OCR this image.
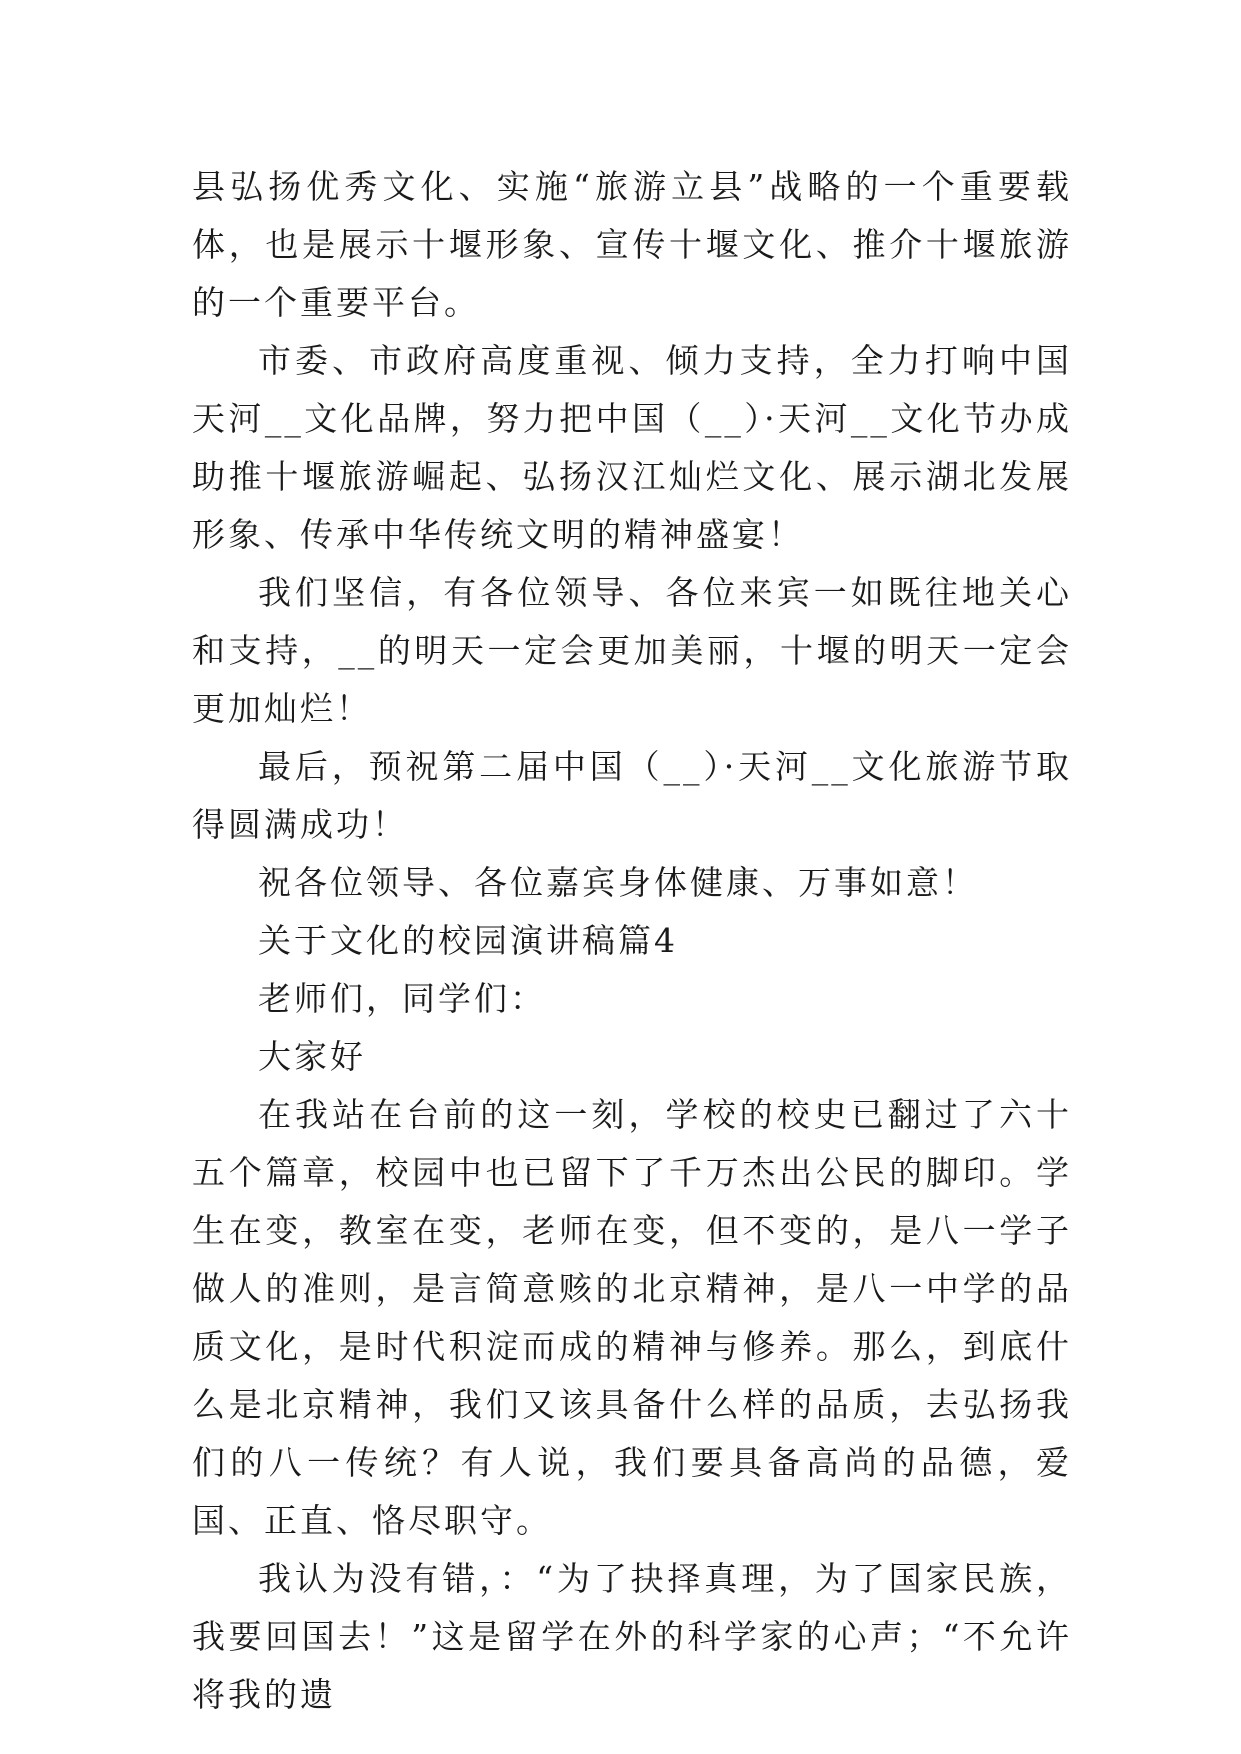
县弘扬优秀文化、实施“旅游立县”战略的一个重要载体，也是展示十堰形象、宣传十堰文化、推介十堰旅游的一个重要平台。

市委、市政府高度重视、倾力支持，全力打响中国天河__文化品牌，努力把中国（__）·天河__文化节办成助推十堰旅游崛起、弘扬汉江灿烂文化、展示湖北发展形象、传承中华传统文明的精神盛宴！

我们坚信，有各位领导、各位来宾一如既往地关心和支持，__的明天一定会更加美丽，十堰的明天一定会更加灿烂！

最后，预祝第二届中国（__）·天河__文化旅游节取得圆满成功！

祝各位领导、各位嘉宾身体健康、万事如意！

关于文化的校园演讲稿篇4

老师们，同学们：

大家好

在我站在台前的这一刻，学校的校史已翻过了六十五个篇章，校园中也已留下了千万杰出公民的脚印。学生在变，教室在变，老师在变，但不变的，是八一学子做人的准则，是言简意赅的北京精神，是八一中学的品质文化，是时代积淀而成的精神与修养。那么，到底什么是北京精神，我们又该具备什么样的品质，去弘扬我们的八一传统？有人说，我们要具备高尚的品德，爱国、正直、恪尽职守。

我认为没有错，：“为了抉择真理，为了国家民族，我要回国去！”这是留学在外的科学家的心声；“不允许将我的遗
